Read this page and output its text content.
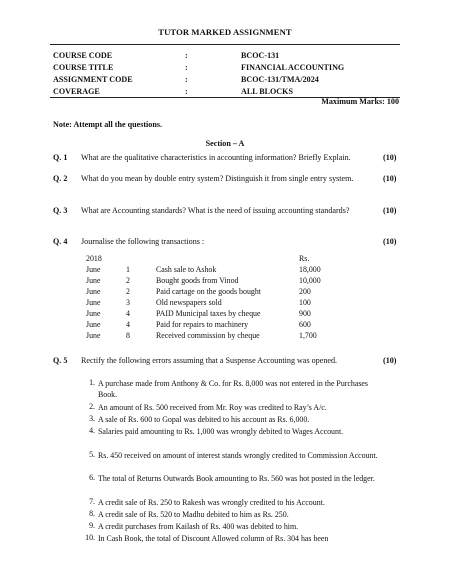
TUTOR MARKED ASSIGNMENT
COURSE CODE	:	BCOC-131
COURSE TITLE	:	FINANCIAL ACCOUNTING
ASSIGNMENT CODE	:	BCOC-131/TMA/2024
COVERAGE	:	ALL BLOCKS
Maximum Marks: 100
Note: Attempt all the questions.
Section – A
Q. 1 What are the qualitative characteristics in accounting information? Briefly Explain.	(10)
Q. 2 What do you mean by double entry system? Distinguish it from single entry system.	(10)
Q. 3 What are Accounting standards? What is the need of issuing accounting standards?	(10)
Q. 4 Journalise the following transactions :	(10)
2018	Rs.
June	1	Cash sale to Ashok	18,000
June	2	Bought goods from Vinod	10,000
June	2	Paid cartage on the goods bought	200
June	3	Old newspapers sold	100
June	4	PAID Municipal taxes by cheque	900
June	4	Paid for repairs to machinery	600
June	8	Received commission by cheque	1,700
Q. 5 Rectify the following errors assuming that a Suspense Accounting was opened.	(10)
1. A purchase made from Anthony & Co. for Rs. 8,000 was not entered in the Purchases Book.
2. An amount of Rs. 500 received from Mr. Roy was credited to Ray’s A/c.
3. A sale of Rs. 600 to Gopal was debited to his account as Rs. 6,000.
4. Salaries paid amounting to Rs. 1,000 was wrongly debited to Wages Account.
5. Rs. 450 received on amount of interest stands wrongly credited to Commission Account.
6. The total of Returns Outwards Book amounting to Rs. 560 was hot posted in the ledger.
7. A credit sale of Rs. 250 to Rakesh was wrongly credited to his Account.
8. A credit sale of Rs. 520 to Madhu debited to him as Rs. 250.
9. A credit purchases from Kailash of Rs. 400 was debited to him.
10. In Cash Book, the total of Discount Allowed column of Rs. 304 has been
